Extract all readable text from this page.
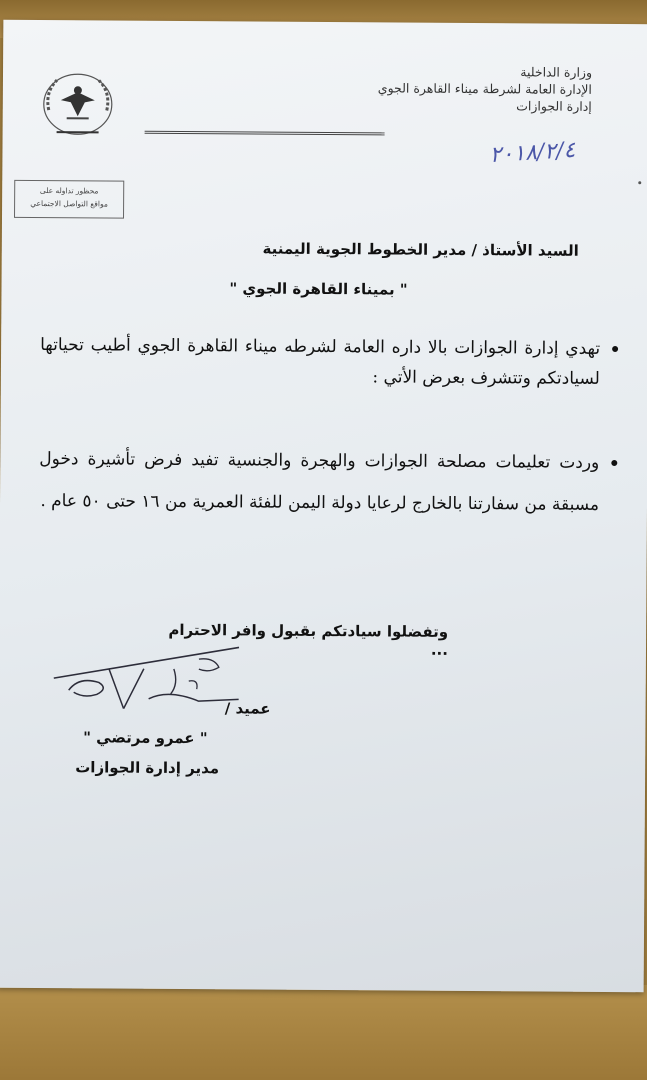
وزارة الداخلية
الإدارة العامة لشرطة ميناء القاهرة الجوي
إدارة الجوازات
٢٠١٨/٢/٤
محظور تداوله على
مواقع التواصل الاجتماعي
السيد الأستاذ / مدير الخطوط الجوية اليمنية
" بميناء القاهرة الجوي "
تهدي إدارة الجوازات بالا داره العامة لشرطه ميناء القاهرة الجوي أطيب تحياتها لسيادتكم وتتشرف بعرض الأتي :
وردت تعليمات مصلحة الجوازات والهجرة والجنسية تفيد فرض تأشيرة دخول مسبقة من سفارتنا بالخارج لرعايا دولة اليمن للفئة العمرية من ١٦ حتى ٥٠ عام .
وتفضلوا سيادتكم بقبول وافر الاحترام ...
عميد /
" عمرو مرتضي "
مدير إدارة الجوازات
